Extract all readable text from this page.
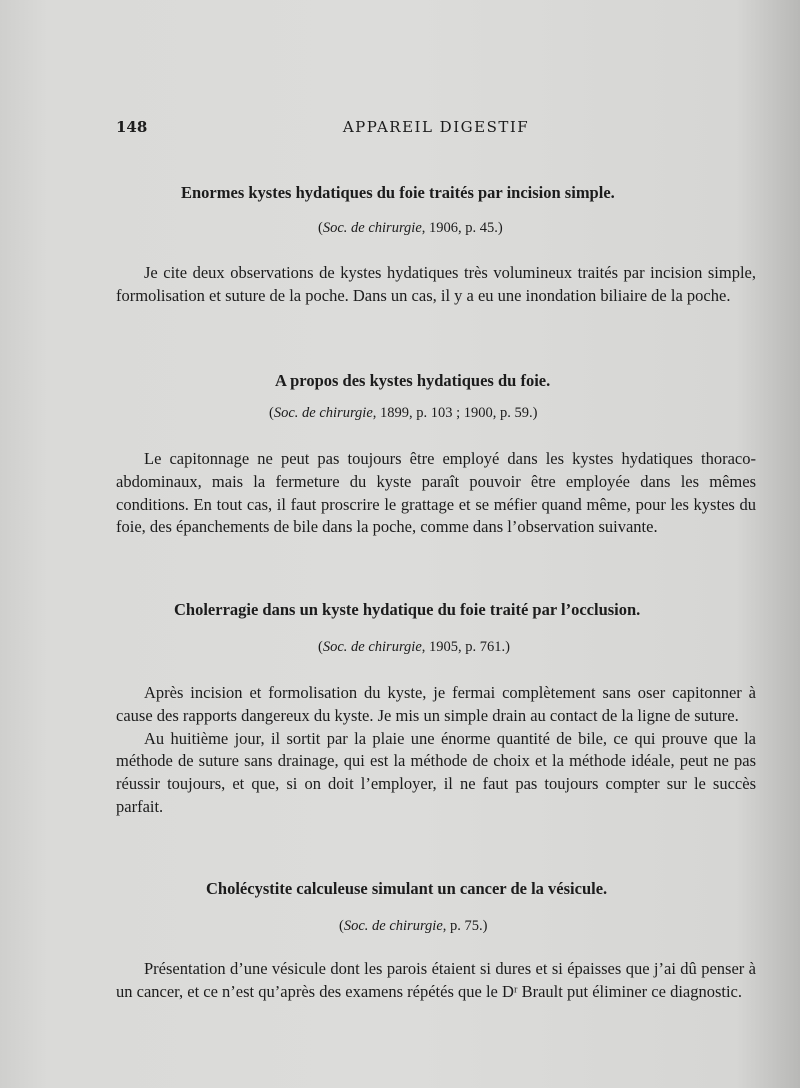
148	APPAREIL DIGESTIF
Enormes kystes hydatiques du foie traités par incision simple.
(Soc. de chirurgie, 1906, p. 45.)

Je cite deux observations de kystes hydatiques très volumineux traités par incision simple, formolisation et suture de la poche. Dans un cas, il y a eu une inondation biliaire de la poche.

A propos des kystes hydatiques du foie.
(Soc. de chirurgie, 1899, p. 103 ; 1900, p. 59.)

Le capitonnage ne peut pas toujours être employé dans les kystes hydatiques thoraco-abdominaux, mais la fermeture du kyste paraît pouvoir être employée dans les mêmes conditions. En tout cas, il faut proscrire le grattage et se méfier quand même, pour les kystes du foie, des épanchements de bile dans la poche, comme dans l’observation suivante.

Cholerragie dans un kyste hydatique du foie traité par l’occlusion.
(Soc. de chirurgie, 1905, p. 761.)

Après incision et formolisation du kyste, je fermai complètement sans oser capitonner à cause des rapports dangereux du kyste. Je mis un simple drain au contact de la ligne de suture.

Au huitième jour, il sortit par la plaie une énorme quantité de bile, ce qui prouve que la méthode de suture sans drainage, qui est la méthode de choix et la méthode idéale, peut ne pas réussir toujours, et que, si on doit l’employer, il ne faut pas toujours compter sur le succès parfait.

Cholécystite calculeuse simulant un cancer de la vésicule.
(Soc. de chirurgie, p. 75.)

Présentation d’une vésicule dont les parois étaient si dures et si épaisses que j’ai dû penser à un cancer, et ce n’est qu’après des examens répétés que le Dʳ Brault put éliminer ce diagnostic.
